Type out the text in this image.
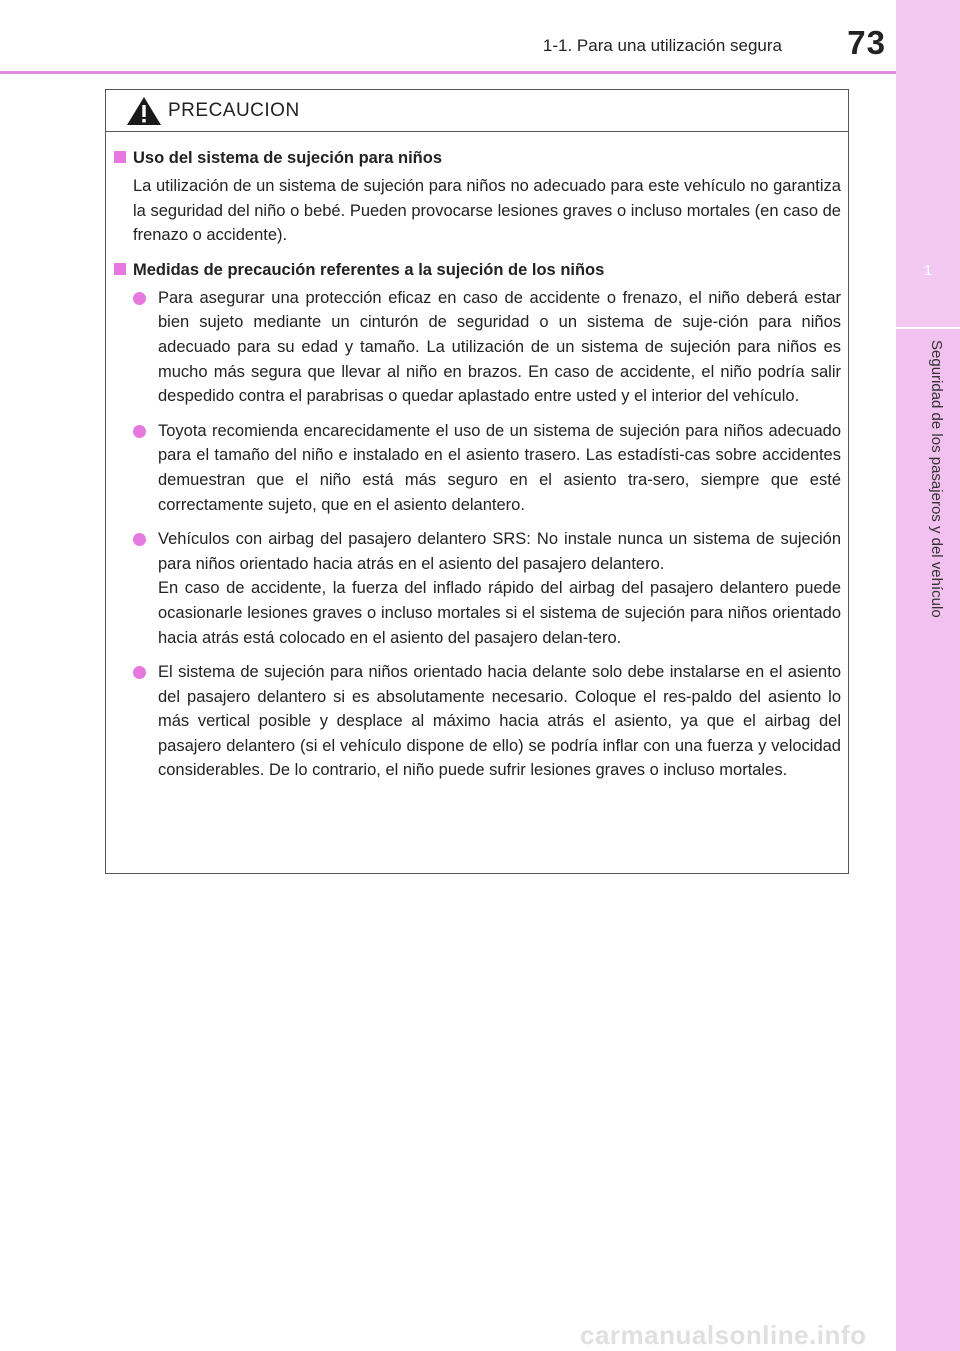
1-1. Para una utilización segura	73
1
Seguridad de los pasajeros y del vehículo
PRECAUCION
Uso del sistema de sujeción para niños

La utilización de un sistema de sujeción para niños no adecuado para este vehículo no garantiza la seguridad del niño o bebé. Pueden provocarse lesiones graves o incluso mortales (en caso de frenazo o accidente).

Medidas de precaución referentes a la sujeción de los niños

Para asegurar una protección eficaz en caso de accidente o frenazo, el niño deberá estar bien sujeto mediante un cinturón de seguridad o un sistema de suje-ción para niños adecuado para su edad y tamaño. La utilización de un sistema de sujeción para niños es mucho más segura que llevar al niño en brazos. En caso de accidente, el niño podría salir despedido contra el parabrisas o quedar aplastado entre usted y el interior del vehículo.

Toyota recomienda encarecidamente el uso de un sistema de sujeción para niños adecuado para el tamaño del niño e instalado en el asiento trasero. Las estadísti-cas sobre accidentes demuestran que el niño está más seguro en el asiento tra-sero, siempre que esté correctamente sujeto, que en el asiento delantero.

Vehículos con airbag del pasajero delantero SRS: No instale nunca un sistema de sujeción para niños orientado hacia atrás en el asiento del pasajero delantero.

En caso de accidente, la fuerza del inflado rápido del airbag del pasajero delantero puede ocasionarle lesiones graves o incluso mortales si el sistema de sujeción para niños orientado hacia atrás está colocado en el asiento del pasajero delan-tero.

El sistema de sujeción para niños orientado hacia delante solo debe instalarse en el asiento del pasajero delantero si es absolutamente necesario. Coloque el res-paldo del asiento lo más vertical posible y desplace al máximo hacia atrás el asiento, ya que el airbag del pasajero delantero (si el vehículo dispone de ello) se podría inflar con una fuerza y velocidad considerables. De lo contrario, el niño puede sufrir lesiones graves o incluso mortales.

carmanualsonline.info
